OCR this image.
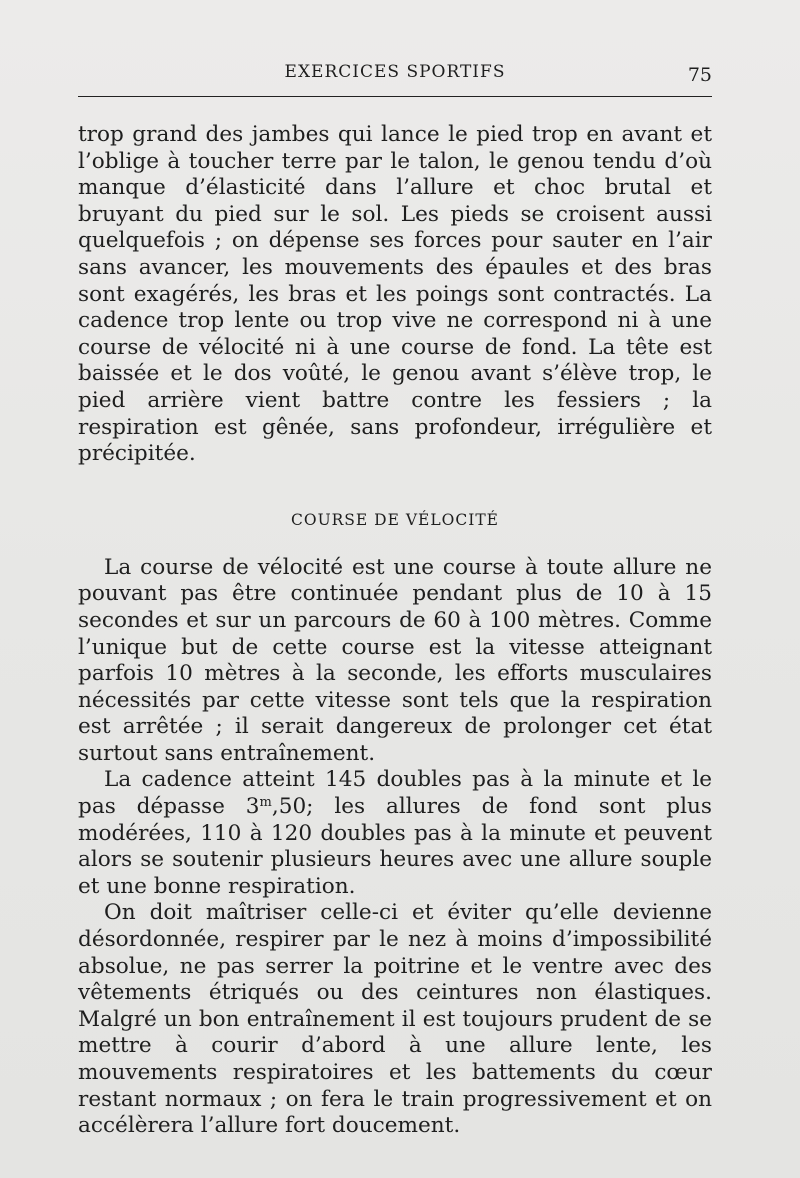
EXERCICES SPORTIFS	75

trop grand des jambes qui lance le pied trop en avant et l’oblige à toucher terre par le talon, le genou tendu d’où manque d’élasticité dans l’allure et choc brutal et bruyant du pied sur le sol. Les pieds se croisent aussi quelquefois ; on dépense ses forces pour sauter en l’air sans avancer, les mouvements des épaules et des bras sont exagérés, les bras et les poings sont contractés. La cadence trop lente ou trop vive ne correspond ni à une course de vélocité ni à une course de fond. La tête est baissée et le dos voûté, le genou avant s’élève trop, le pied arrière vient battre contre les fessiers ; la respiration est gênée, sans profondeur, irrégulière et précipitée.

COURSE DE VÉLOCITÉ

La course de vélocité est une course à toute allure ne pouvant pas être continuée pendant plus de 10 à 15 secondes et sur un parcours de 60 à 100 mètres. Comme l’unique but de cette course est la vitesse atteignant parfois 10 mètres à la seconde, les efforts musculaires nécessités par cette vitesse sont tels que la respiration est arrêtée ; il serait dangereux de prolonger cet état surtout sans entraînement.

La cadence atteint 145 doubles pas à la minute et le pas dépasse 3$^m$,50; les allures de fond sont plus modérées, 110 à 120 doubles pas à la minute et peuvent alors se soutenir plusieurs heures avec une allure souple et une bonne respiration.

On doit maîtriser celle-ci et éviter qu’elle devienne désordonnée, respirer par le nez à moins d’impossibilité absolue, ne pas serrer la poitrine et le ventre avec des vêtements étriqués ou des ceintures non élastiques. Malgré un bon entraînement il est toujours prudent de se mettre à courir d’abord à une allure lente, les mouvements respiratoires et les battements du cœur restant normaux ; on fera le train progressivement et on accélèrera l’allure fort doucement.
